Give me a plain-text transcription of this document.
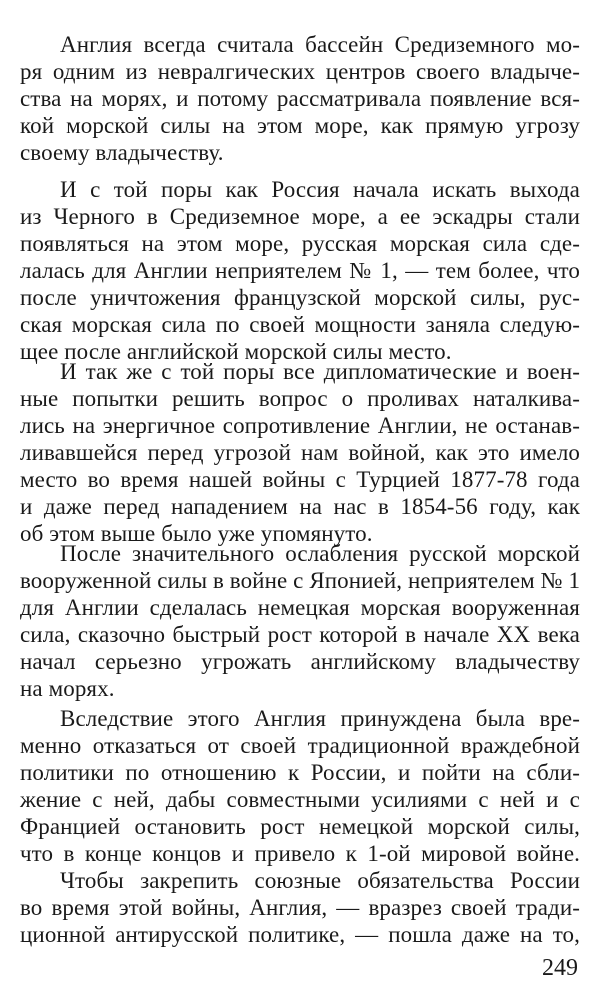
Англия всегда считала бассейн Средиземного мо-
ря одним из невралгических центров своего владыче-
ства на морях, и потому рассматривала появление вся-
кой морской силы на этом море, как прямую угрозу
своему владычеству.
И с той поры как Россия начала искать выхода
из Черного в Средиземное море, а ее эскадры стали
появляться на этом море, русская морская сила сде-
лалась для Англии неприятелем № 1, — тем более, что
после уничтожения французской морской силы, рус-
ская морская сила по своей мощности заняла следую-
щее после английской морской силы место.
И так же с той поры все дипломатические и воен-
ные попытки решить вопрос о проливах наталкива-
лись на энергичное сопротивление Англии, не останав-
ливавшейся перед угрозой нам войной, как это имело
место во время нашей войны с Турцией 1877-78 года
и даже перед нападением на нас в 1854-56 году, как
об этом выше было уже упомянуто.
После значительного ослабления русской морской
вооруженной силы в войне с Японией, неприятелем № 1
для Англии сделалась немецкая морская вооруженная
сила, сказочно быстрый рост которой в начале XX века
начал серьезно угрожать английскому владычеству
на морях.
Вследствие этого Англия принуждена была вре-
менно отказаться от своей традиционной враждебной
политики по отношению к России, и пойти на сбли-
жение с ней, дабы совместными усилиями с ней и с
Францией остановить рост немецкой морской силы,
что в конце концов и привело к 1-ой мировой войне.
Чтобы закрепить союзные обязательства России
во время этой войны, Англия, — вразрез своей тради-
ционной антирусской политике, — пошла даже на то,
249
